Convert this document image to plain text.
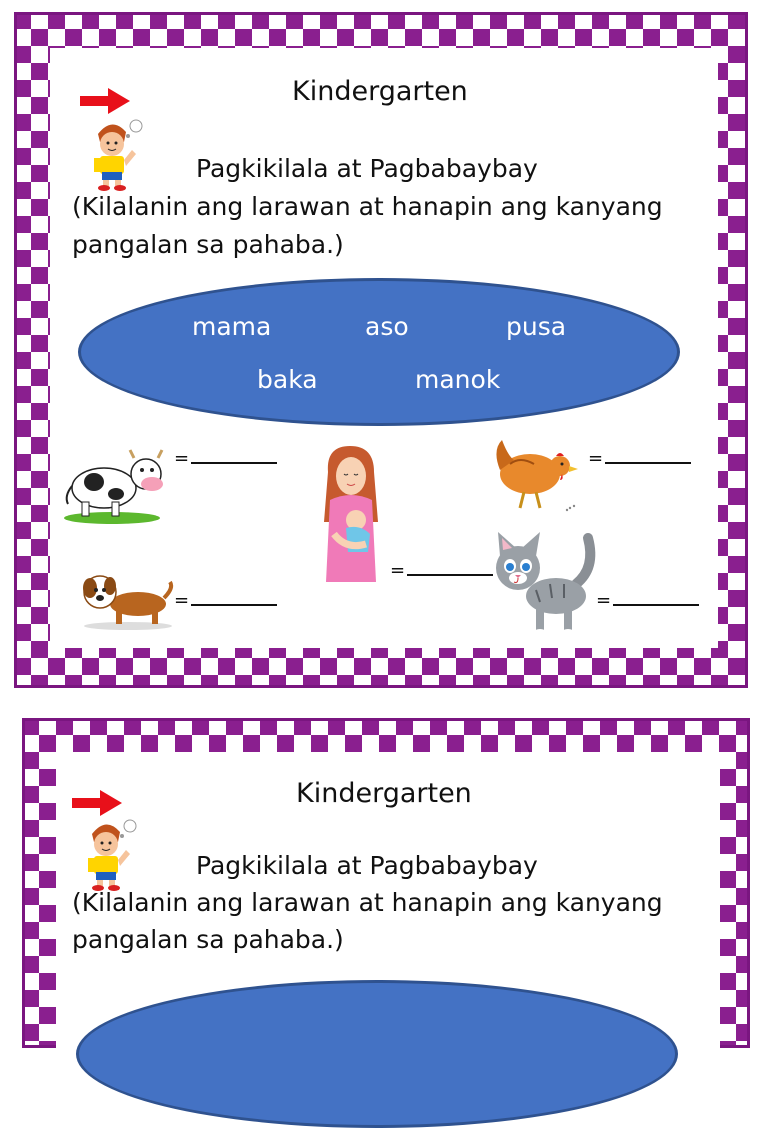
Kindergarten
Pagkikilala at Pagbabaybay
(Kilalanin ang larawan at hanapin ang kanyang
pangalan sa pahaba.)
mama	aso	pusa
baka	manok
=
=
=
=
=
Kindergarten
Pagkikilala at Pagbabaybay
(Kilalanin ang larawan at hanapin ang kanyang
pangalan sa pahaba.)
